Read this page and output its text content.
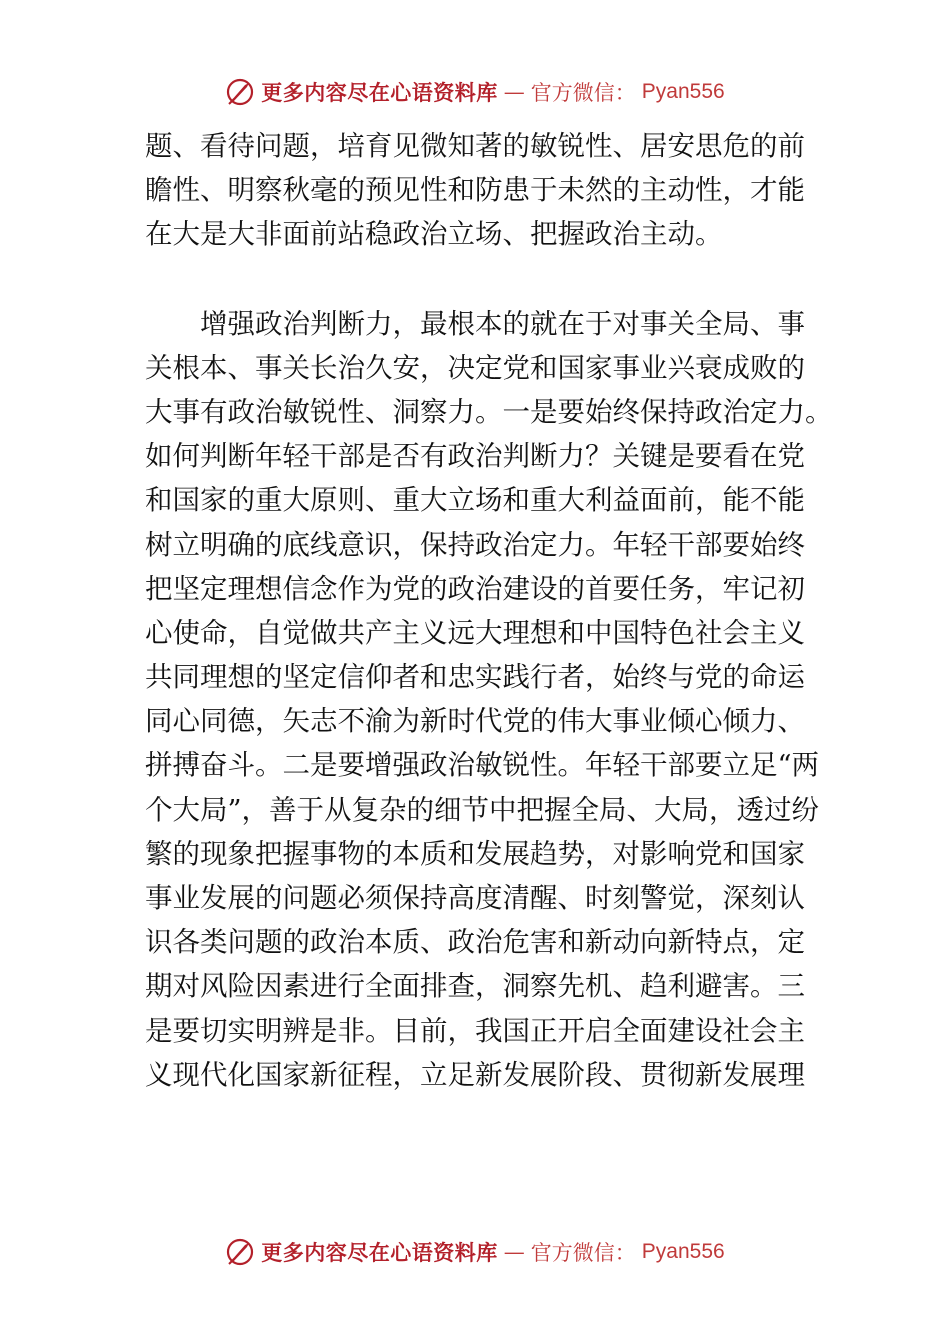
更多内容尽在心语资料库 — 官方微信： Pyan556
题、看待问题，培育见微知著的敏锐性、居安思危的前
瞻性、明察秋毫的预见性和防患于未然的主动性，才能
在大是大非面前站稳政治立场、把握政治主动。
　　增强政治判断力，最根本的就在于对事关全局、事
关根本、事关长治久安，决定党和国家事业兴衰成败的
大事有政治敏锐性、洞察力。一是要始终保持政治定力。
如何判断年轻干部是否有政治判断力？关键是要看在党
和国家的重大原则、重大立场和重大利益面前，能不能
树立明确的底线意识，保持政治定力。年轻干部要始终
把坚定理想信念作为党的政治建设的首要任务，牢记初
心使命，自觉做共产主义远大理想和中国特色社会主义
共同理想的坚定信仰者和忠实践行者，始终与党的命运
同心同德，矢志不渝为新时代党的伟大事业倾心倾力、
拼搏奋斗。二是要增强政治敏锐性。年轻干部要立足“两
个大局”，善于从复杂的细节中把握全局、大局，透过纷
繁的现象把握事物的本质和发展趋势，对影响党和国家
事业发展的问题必须保持高度清醒、时刻警觉，深刻认
识各类问题的政治本质、政治危害和新动向新特点，定
期对风险因素进行全面排查，洞察先机、趋利避害。三
是要切实明辨是非。目前，我国正开启全面建设社会主
义现代化国家新征程，立足新发展阶段、贯彻新发展理
更多内容尽在心语资料库 — 官方微信： Pyan556
